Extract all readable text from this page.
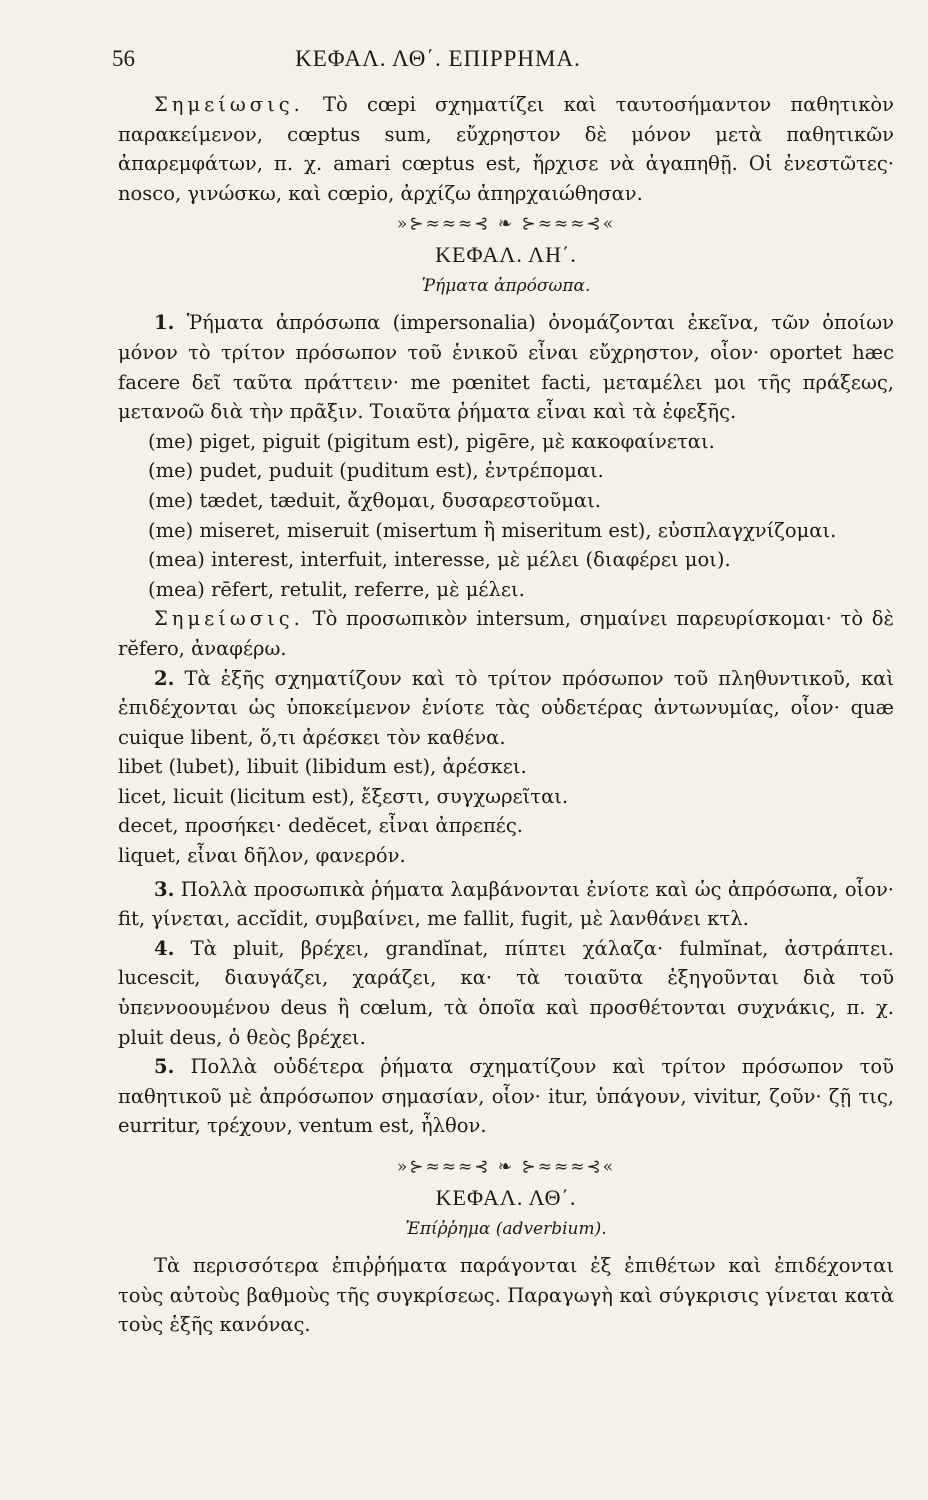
56	ΚΕΦΑΛ. ΛΘ΄. ΕΠΙΡΡΗΜΑ.

Σημείωσις. Τὸ cœpi σχηματίζει καὶ ταυτοσήμαντον παθητικὸν παρακείμενον, cœptus sum, εὔχρηστον δὲ μόνον μετὰ παθητικῶν ἀπαρεμφάτων, π. χ. amari cœptus est, ἤρχισε νὰ ἀγαπηθῇ. Οἱ ἐνεστῶτες· nosco, γινώσκω, καὶ cœpio, ἀρχίζω ἀπηρχαιώθησαν.

»⊱≈≈≈⊰ ❧ ⊱≈≈≈⊰«
ΚΕΦΑΛ. ΛΗ΄.
Ῥήματα ἀπρόσωπα.

1. Ῥήματα ἀπρόσωπα (impersonalia) ὀνομάζονται ἐκεῖνα, τῶν ὁποίων μόνον τὸ τρίτον πρόσωπον τοῦ ἑνικοῦ εἶναι εὔχρηστον, οἷον· oportet hæc facere δεῖ ταῦτα πράττειν· me pœnitet facti, μεταμέλει μοι τῆς πράξεως, μετανοῶ διὰ τὴν πρᾶξιν. Τοιαῦτα ῥήματα εἶναι καὶ τὰ ἐφεξῆς.

(me) piget, piguit (pigitum est), pigēre, μὲ κακοφαίνεται.
(me) pudet, puduit (puditum est), ἐντρέπομαι.
(me) tædet, tæduit, ἄχθομαι, δυσαρεστοῦμαι.
(me) miseret, miseruit (misertum ἢ miseritum est), εὐσπλαγχνίζομαι.
(mea) interest, interfuit, interesse, μὲ μέλει (διαφέρει μοι).
(mea) rēfert, retulit, referre, μὲ μέλει.

Σημείωσις. Τὸ προσωπικὸν intersum, σημαίνει παρευρίσκομαι· τὸ δὲ rĕfero, ἀναφέρω.

2. Τὰ ἑξῆς σχηματίζουν καὶ τὸ τρίτον πρόσωπον τοῦ πληθυντικοῦ, καὶ ἐπιδέχονται ὡς ὑποκείμενον ἐνίοτε τὰς οὐδετέρας ἀντωνυμίας, οἷον· quæ cuique libent, ὅ,τι ἀρέσκει τὸν καθένα.

libet (lubet), libuit (libidum est), ἀρέσκει.
licet, licuit (licitum est), ἔξεστι, συγχωρεῖται.
decet, προσήκει· dedĕcet, εἶναι ἀπρεπές.
liquet, εἶναι δῆλον, φανερόν.

3. Πολλὰ προσωπικὰ ῥήματα λαμβάνονται ἐνίοτε καὶ ὡς ἀπρόσωπα, οἷον· fit, γίνεται, accĭdit, συμβαίνει, me fallit, fugit, μὲ λανθάνει κτλ.

4. Τὰ pluit, βρέχει, grandĭnat, πίπτει χάλαζα· fulmĭnat, ἀστράπτει. lucescit, διαυγάζει, χαράζει, κα· τὰ τοιαῦτα ἐξηγοῦνται διὰ τοῦ ὑπεννοουμένου deus ἢ cœlum, τὰ ὁποῖα καὶ προσθέτονται συχνάκις, π. χ. pluit deus, ὁ θεὸς βρέχει.

5. Πολλὰ οὐδέτερα ῥήματα σχηματίζουν καὶ τρίτον πρόσωπον τοῦ παθητικοῦ μὲ ἀπρόσωπον σημασίαν, οἷον· itur, ὑπάγουν, vivitur, ζοῦν· ζῇ τις, eurritur, τρέχουν, ventum est, ἦλθον.

»⊱≈≈≈⊰ ❧ ⊱≈≈≈⊰«
ΚΕΦΑΛ. ΛΘ΄.
Ἐπίῤῥημα (adverbium).

Τὰ περισσότερα ἐπιῤῥήματα παράγονται ἐξ ἐπιθέτων καὶ ἐπιδέχονται τοὺς αὐτοὺς βαθμοὺς τῆς συγκρίσεως. Παραγωγὴ καὶ σύγκρισις γίνεται κατὰ τοὺς ἑξῆς κανόνας.
